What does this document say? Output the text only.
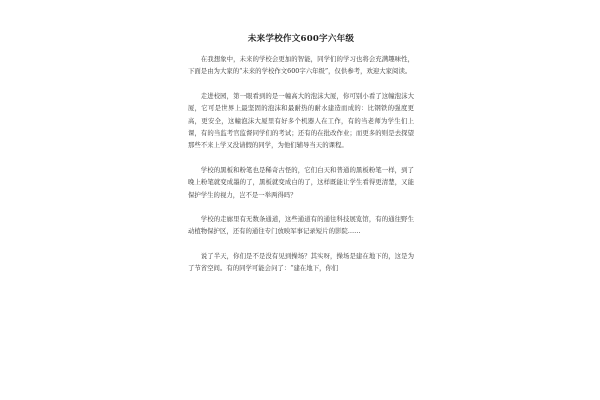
未来学校作文600字六年级

在我想象中，未来的学校会更加的智能，同学们的学习也将会充满趣味性，下面是由为大家的“未来的学校作文600字六年级”，仅供参考，欢迎大家阅读。

走进校园，第一眼看到的是一幢高大的泡沫大厦，你可别小看了这幢泡沫大厦，它可是世界上最坚固的泡沫和最耐热的耐水建造而成的：比钢铁的强度更高，更安全，这幢泡沫大厦里有好多个机器人在工作，有的当老师为学生们上课，有的当监考官监督同学们的考试；还有的在批改作业；而更多的则是去探望那些不来上学又没请假的同学，为他们辅导当天的课程。

学校的黑板和粉笔也是稀奇古怪的，它们白天和普通的黑板粉笔一样，到了晚上粉笔就变成墨的了，黑板就变成白的了，这样既能让学生看得更清楚，又能保护学生的视力，岂不是一举两得吗？

学校的走廊里有无数条通道，这些通道有的通往科技展览馆，有的通往野生动植物保护区，还有的通往专门放映军事记录短片的影院……

说了半天，你们是不是没有见到操场？其实呀，操场是建在地下的，这是为了节省空间。有的同学可能会问了：“建在地下，你们
